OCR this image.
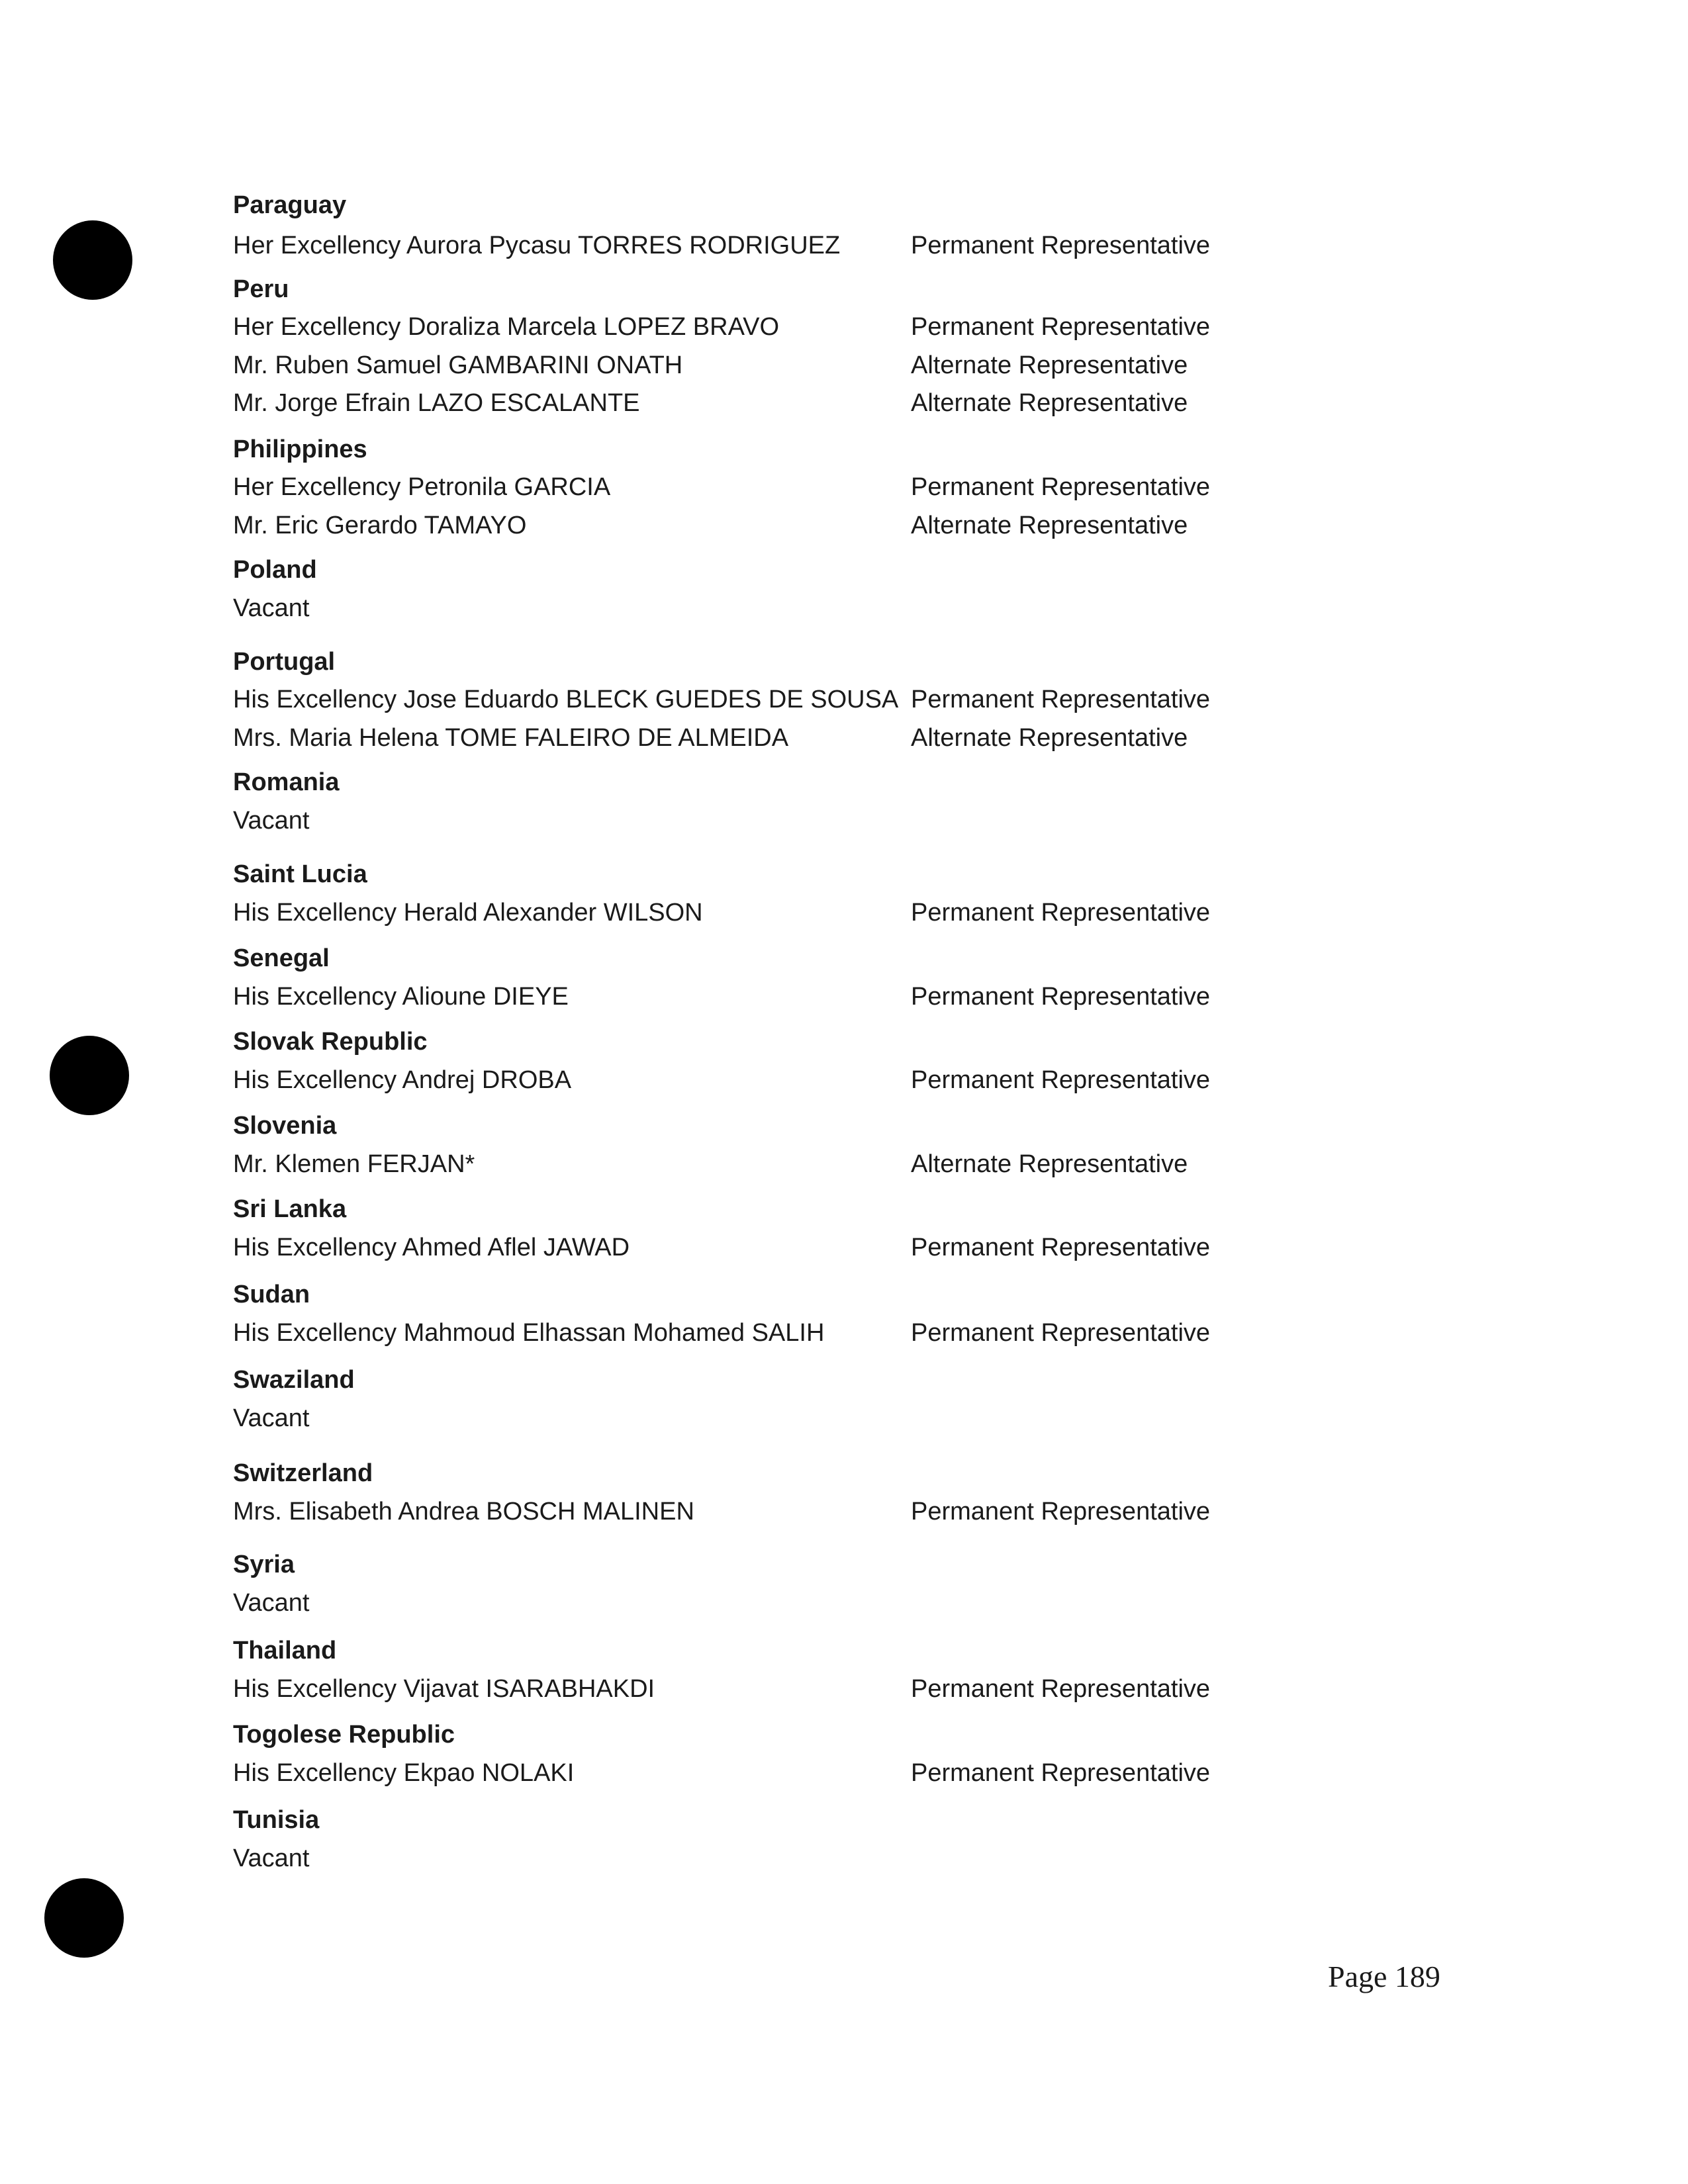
Paraguay
Her Excellency Aurora Pycasu TORRES RODRIGUEZ	Permanent Representative
Peru
Her Excellency Doraliza Marcela LOPEZ BRAVO	Permanent Representative
Mr. Ruben Samuel GAMBARINI ONATH	Alternate Representative
Mr. Jorge Efrain LAZO ESCALANTE	Alternate Representative
Philippines
Her Excellency Petronila GARCIA	Permanent Representative
Mr. Eric Gerardo TAMAYO	Alternate Representative
Poland
Vacant
Portugal
His Excellency Jose Eduardo BLECK GUEDES DE SOUSA Permanent Representative
Mrs. Maria Helena TOME FALEIRO DE ALMEIDA	Alternate Representative
Romania
Vacant
Saint Lucia
His Excellency Herald Alexander WILSON	Permanent Representative
Senegal
His Excellency Alioune DIEYE	Permanent Representative
Slovak Republic
His Excellency Andrej DROBA	Permanent Representative
Slovenia
Mr. Klemen FERJAN*	Alternate Representative
Sri Lanka
His Excellency Ahmed Aflel JAWAD	Permanent Representative
Sudan
His Excellency Mahmoud Elhassan Mohamed SALIH	Permanent Representative
Swaziland
Vacant
Switzerland
Mrs. Elisabeth Andrea BOSCH MALINEN	Permanent Representative
Syria
Vacant
Thailand
His Excellency Vijavat ISARABHAKDI	Permanent Representative
Togolese Republic
His Excellency Ekpao NOLAKI	Permanent Representative
Tunisia
Vacant
Page 189
